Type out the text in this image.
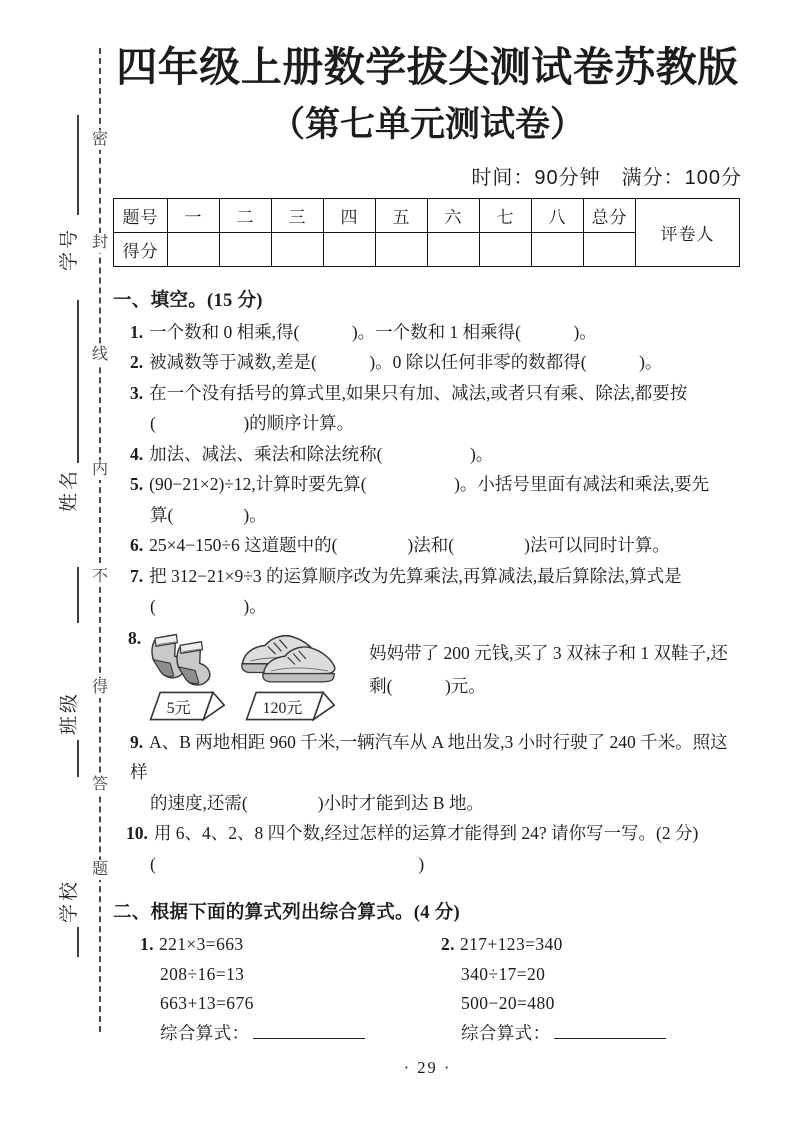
密
封
线
内
不
得
答
题
学号
姓名
班级
学校
四年级上册数学拔尖测试卷苏教版
（第七单元测试卷）
时间：90分钟　满分：100分
题号	一	二	三	四	五	六	七	八	总分	评卷人
得分										
一、填空。(15 分)
1. 一个数和 0 相乘,得(　　　)。一个数和 1 相乘得(　　　)。
2. 被减数等于减数,差是(　　　)。0 除以任何非零的数都得(　　　)。
3. 在一个没有括号的算式里,如果只有加、减法,或者只有乘、除法,都要按
(　　　　　)的顺序计算。
4. 加法、减法、乘法和除法统称(　　　　　)。
5. (90−21×2)÷12,计算时要先算(　　　　　)。小括号里面有减法和乘法,要先
算(　　　　)。
6. 25×4−150÷6 这道题中的(　　　　)法和(　　　　)法可以同时计算。
7. 把 312−21×9÷3 的运算顺序改为先算乘法,再算减法,最后算除法,算式是
(　　　　　)。
8.
5元	120元
妈妈带了 200 元钱,买了 3 双袜子和 1 双鞋子,还
剩(　　　)元。
9. A、B 两地相距 960 千米,一辆汽车从 A 地出发,3 小时行驶了 240 千米。照这样
的速度,还需(　　　　)小时才能到达 B 地。
10. 用 6、4、2、8 四个数,经过怎样的运算才能得到 24? 请你写一写。(2 分)
(　　　　　　　　　　　　　　　)
二、根据下面的算式列出综合算式。(4 分)
1. 221×3=663
208÷16=13
663+13=676
综合算式：
2. 217+123=340
340÷17=20
500−20=480
综合算式：
· 29 ·
